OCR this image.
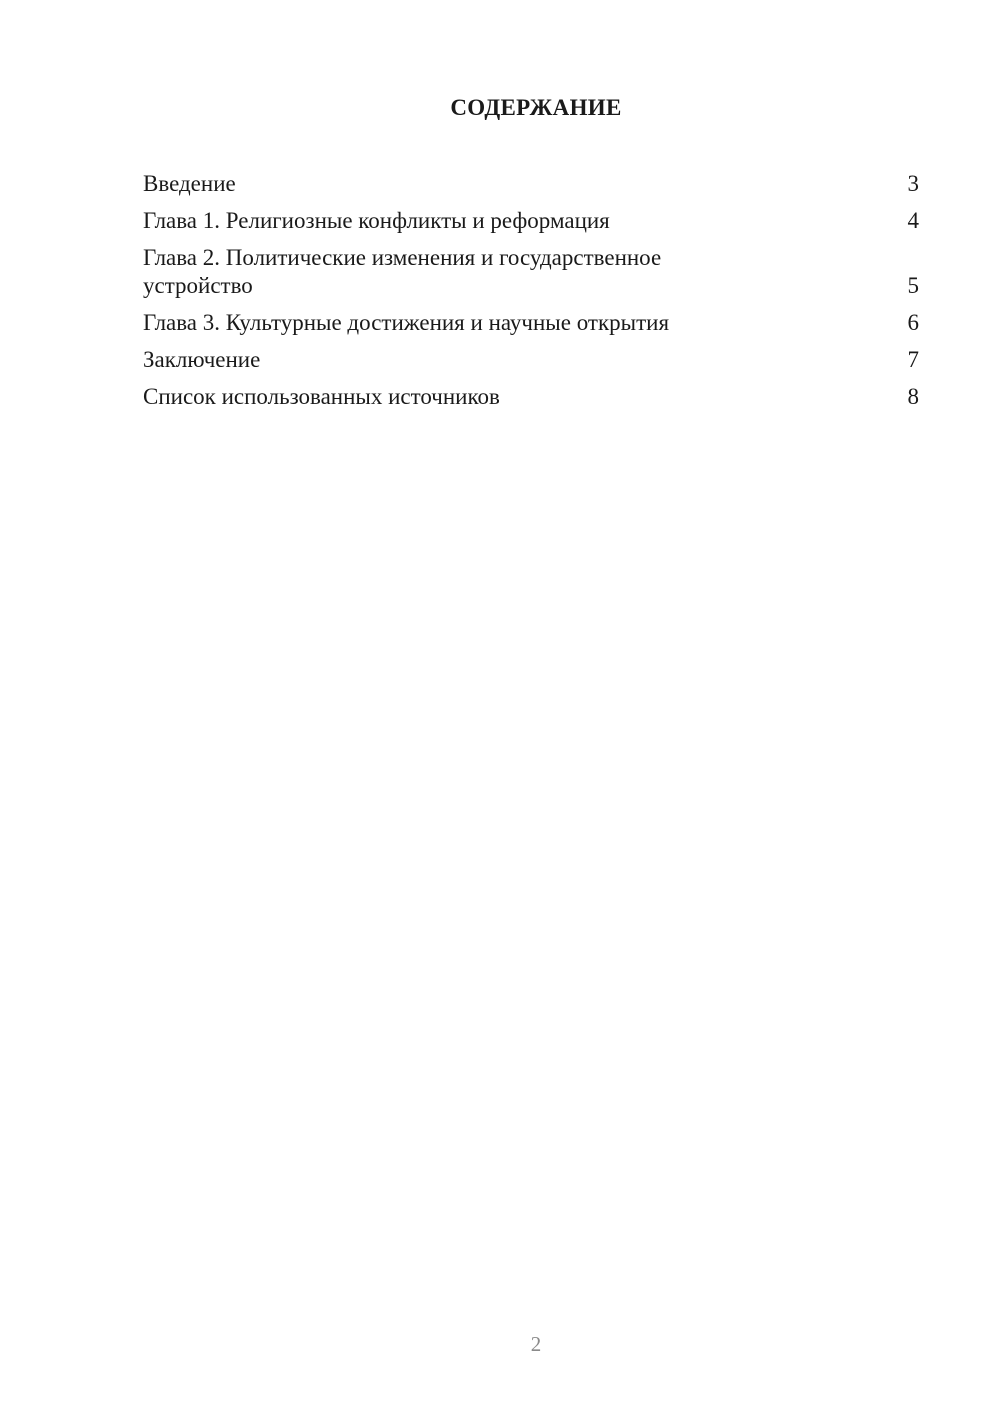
СОДЕРЖАНИЕ
Введение	3
Глава 1. Религиозные конфликты и реформация	4
Глава 2. Политические изменения и государственное устройство	5
Глава 3. Культурные достижения и научные открытия	6
Заключение	7
Список использованных источников	8
2
